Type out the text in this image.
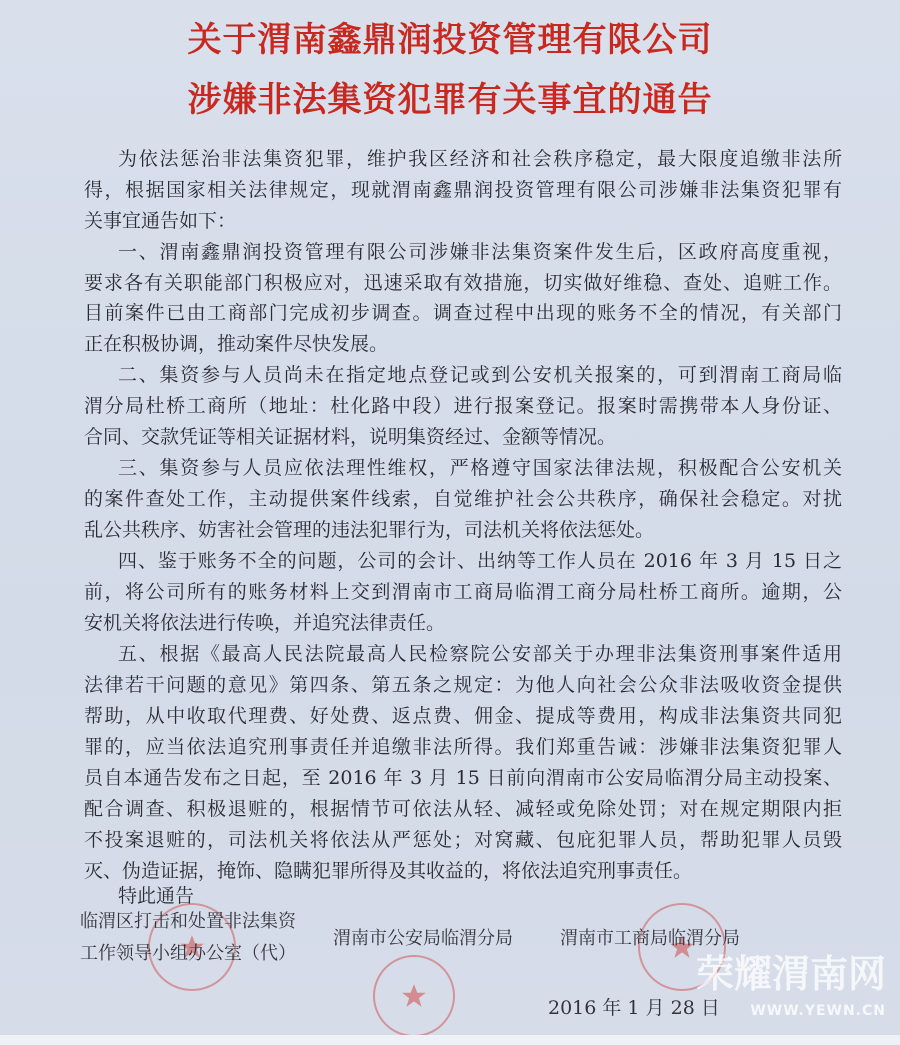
关于渭南鑫鼎润投资管理有限公司
涉嫌非法集资犯罪有关事宜的通告
为依法惩治非法集资犯罪，维护我区经济和社会秩序稳定，最大限度追缴非法所
得，根据国家相关法律规定，现就渭南鑫鼎润投资管理有限公司涉嫌非法集资犯罪有
关事宜通告如下：
一、渭南鑫鼎润投资管理有限公司涉嫌非法集资案件发生后，区政府高度重视，
要求各有关职能部门积极应对，迅速采取有效措施，切实做好维稳、查处、追赃工作。
目前案件已由工商部门完成初步调查。调查过程中出现的账务不全的情况，有关部门
正在积极协调，推动案件尽快发展。
二、集资参与人员尚未在指定地点登记或到公安机关报案的，可到渭南工商局临
渭分局杜桥工商所（地址：杜化路中段）进行报案登记。报案时需携带本人身份证、
合同、交款凭证等相关证据材料，说明集资经过、金额等情况。
三、集资参与人员应依法理性维权，严格遵守国家法律法规，积极配合公安机关
的案件查处工作，主动提供案件线索，自觉维护社会公共秩序，确保社会稳定。对扰
乱公共秩序、妨害社会管理的违法犯罪行为，司法机关将依法惩处。
四、鉴于账务不全的问题，公司的会计、出纳等工作人员在 2016 年 3 月 15 日之
前，将公司所有的账务材料上交到渭南市工商局临渭工商分局杜桥工商所。逾期，公
安机关将依法进行传唤，并追究法律责任。
五、根据《最高人民法院最高人民检察院公安部关于办理非法集资刑事案件适用
法律若干问题的意见》第四条、第五条之规定：为他人向社会公众非法吸收资金提供
帮助，从中收取代理费、好处费、返点费、佣金、提成等费用，构成非法集资共同犯
罪的，应当依法追究刑事责任并追缴非法所得。我们郑重告诫：涉嫌非法集资犯罪人
员自本通告发布之日起，至 2016 年 3 月 15 日前向渭南市公安局临渭分局主动投案、
配合调查、积极退赃的，根据情节可依法从轻、减轻或免除处罚；对在规定期限内拒
不投案退赃的，司法机关将依法从严惩处；对窝藏、包庇犯罪人员，帮助犯罪人员毁
灭、伪造证据，掩饰、隐瞒犯罪所得及其收益的，将依法追究刑事责任。
特此通告
临渭区打击和处置非法集资
工作领导小组办公室（代）
渭南市公安局临渭分局	渭南市工商局临渭分局
2016 年 1 月 28 日
荣耀渭南网
WWW.YEWN.CN
